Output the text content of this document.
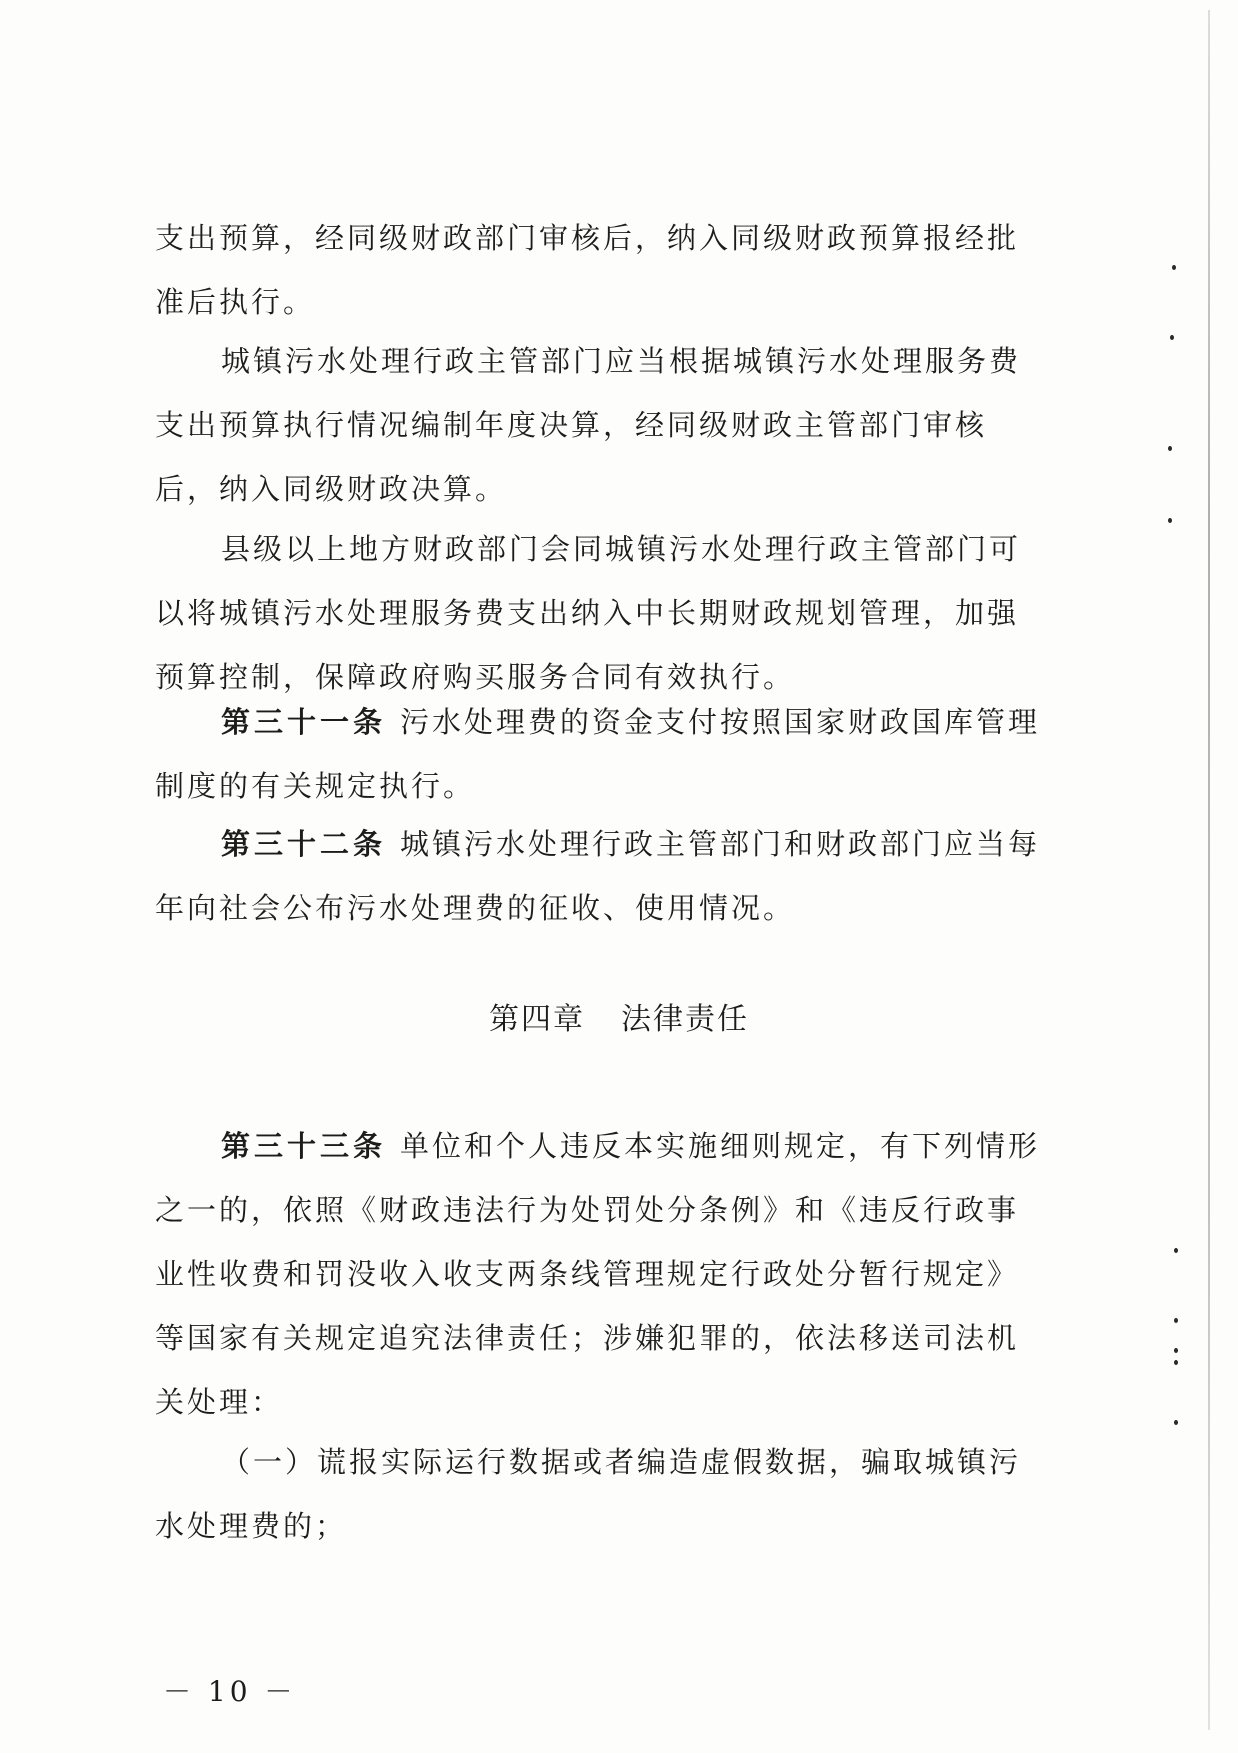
支出预算，经同级财政部门审核后，纳入同级财政预算报经批准后执行。

城镇污水处理行政主管部门应当根据城镇污水处理服务费支出预算执行情况编制年度决算，经同级财政主管部门审核后，纳入同级财政决算。

县级以上地方财政部门会同城镇污水处理行政主管部门可以将城镇污水处理服务费支出纳入中长期财政规划管理，加强预算控制，保障政府购买服务合同有效执行。

第三十一条 污水处理费的资金支付按照国家财政国库管理制度的有关规定执行。

第三十二条 城镇污水处理行政主管部门和财政部门应当每年向社会公布污水处理费的征收、使用情况。

第四章 法律责任

第三十三条 单位和个人违反本实施细则规定，有下列情形之一的，依照《财政违法行为处罚处分条例》和《违反行政事业性收费和罚没收入收支两条线管理规定行政处分暂行规定》等国家有关规定追究法律责任；涉嫌犯罪的，依法移送司法机关处理：

（一）谎报实际运行数据或者编造虚假数据，骗取城镇污水处理费的；

－ 10 －
